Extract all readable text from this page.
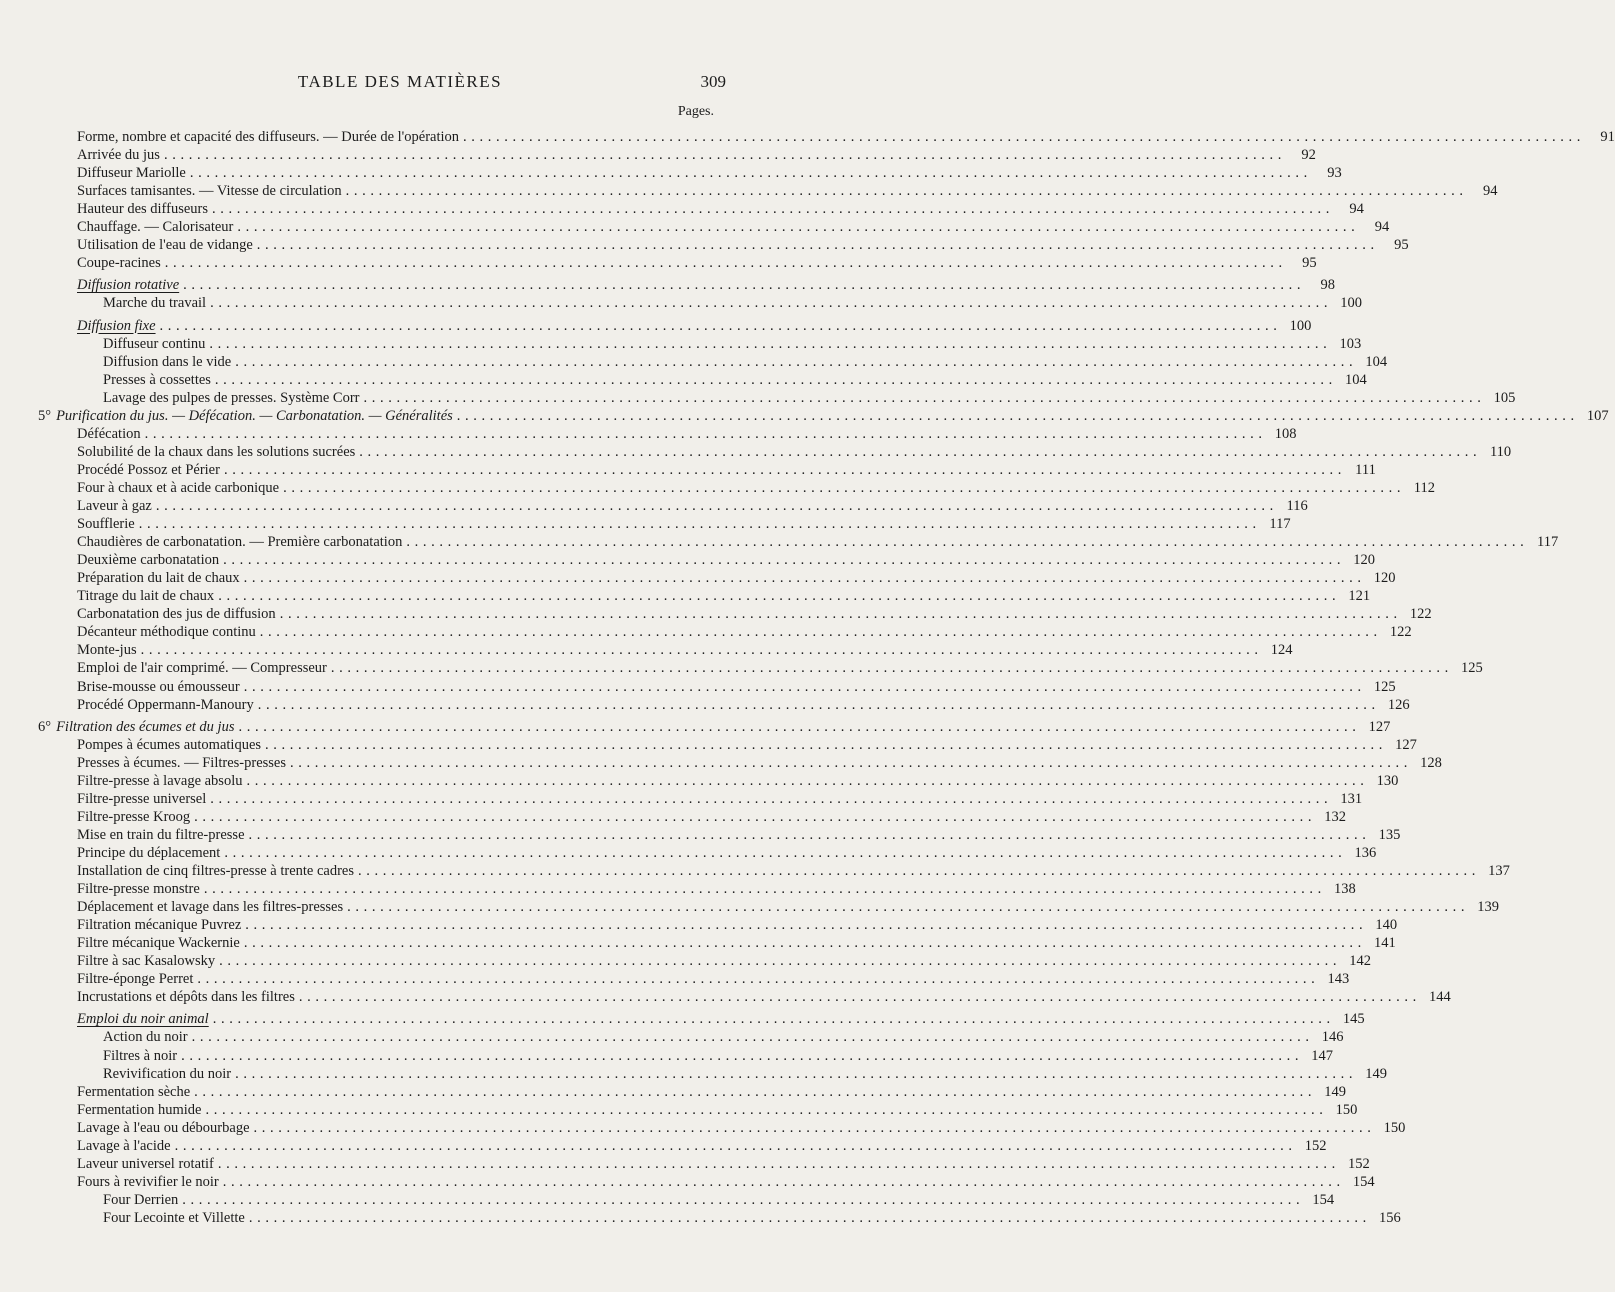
TABLE DES MATIÈRES	309
Pages.
Forme, nombre et capacité des diffuseurs. — Durée de l'opération . . .	91
Arrivée du jus . . .	92
Diffuseur Mariolle . . .	93
Surfaces tamisantes. — Vitesse de circulation . . .	94
Hauteur des diffuseurs . . .	94
Chauffage. — Calorisateur . . .	94
Utilisation de l'eau de vidange . . .	95
Coupe-racines . . .	95
Diffusion rotative . . .	98
Marche du travail . . .	100
Diffusion fixe . . .	100
Diffuseur continu . . .	103
Diffusion dans le vide . . .	104
Presses à cossettes . . .	104
Lavage des pulpes de presses. Système Corr . . .	105
5° Purification du jus. — Défécation. — Carbonatation. — Généralités . . .	107
Défécation . . .	108
Solubilité de la chaux dans les solutions sucrées . . .	110
Procédé Possoz et Périer . . .	111
Four à chaux et à acide carbonique . . .	112
Laveur à gaz . . .	116
Soufflerie . . .	117
Chaudières de carbonatation. — Première carbonatation . . .	117
Deuxième carbonatation . . .	120
Préparation du lait de chaux . . .	120
Titrage du lait de chaux . . .	121
Carbonatation des jus de diffusion . . .	122
Décanteur méthodique continu . . .	122
Monte-jus . . .	124
Emploi de l'air comprimé. — Compresseur . . .	125
Brise-mousse ou émousseur . . .	125
Procédé Oppermann-Manoury . . .	126
6° Filtration des écumes et du jus . . .	127
Pompes à écumes automatiques . . .	127
Presses à écumes. — Filtres-presses . . .	128
Filtre-presse à lavage absolu . . .	130
Filtre-presse universel . . .	131
Filtre-presse Kroog . . .	132
Mise en train du filtre-presse . . .	135
Principe du déplacement . . .	136
Installation de cinq filtres-presse à trente cadres . . .	137
Filtre-presse monstre . . .	138
Déplacement et lavage dans les filtres-presses . . .	139
Filtration mécanique Puvrez . . .	140
Filtre mécanique Wackernie . . .	141
Filtre à sac Kasalowsky . . .	142
Filtre-éponge Perret . . .	143
Incrustations et dépôts dans les filtres . . .	144
Emploi du noir animal . . .	145
Action du noir . . .	146
Filtres à noir . . .	147
Revivification du noir . . .	149
Fermentation sèche . . .	149
Fermentation humide . . .	150
Lavage à l'eau ou débourbage . . .	150
Lavage à l'acide . . .	152
Laveur universel rotatif . . .	152
Fours à revivifier le noir . . .	154
Four Derrien . . .	154
Four Lecointe et Villette . . .	156
